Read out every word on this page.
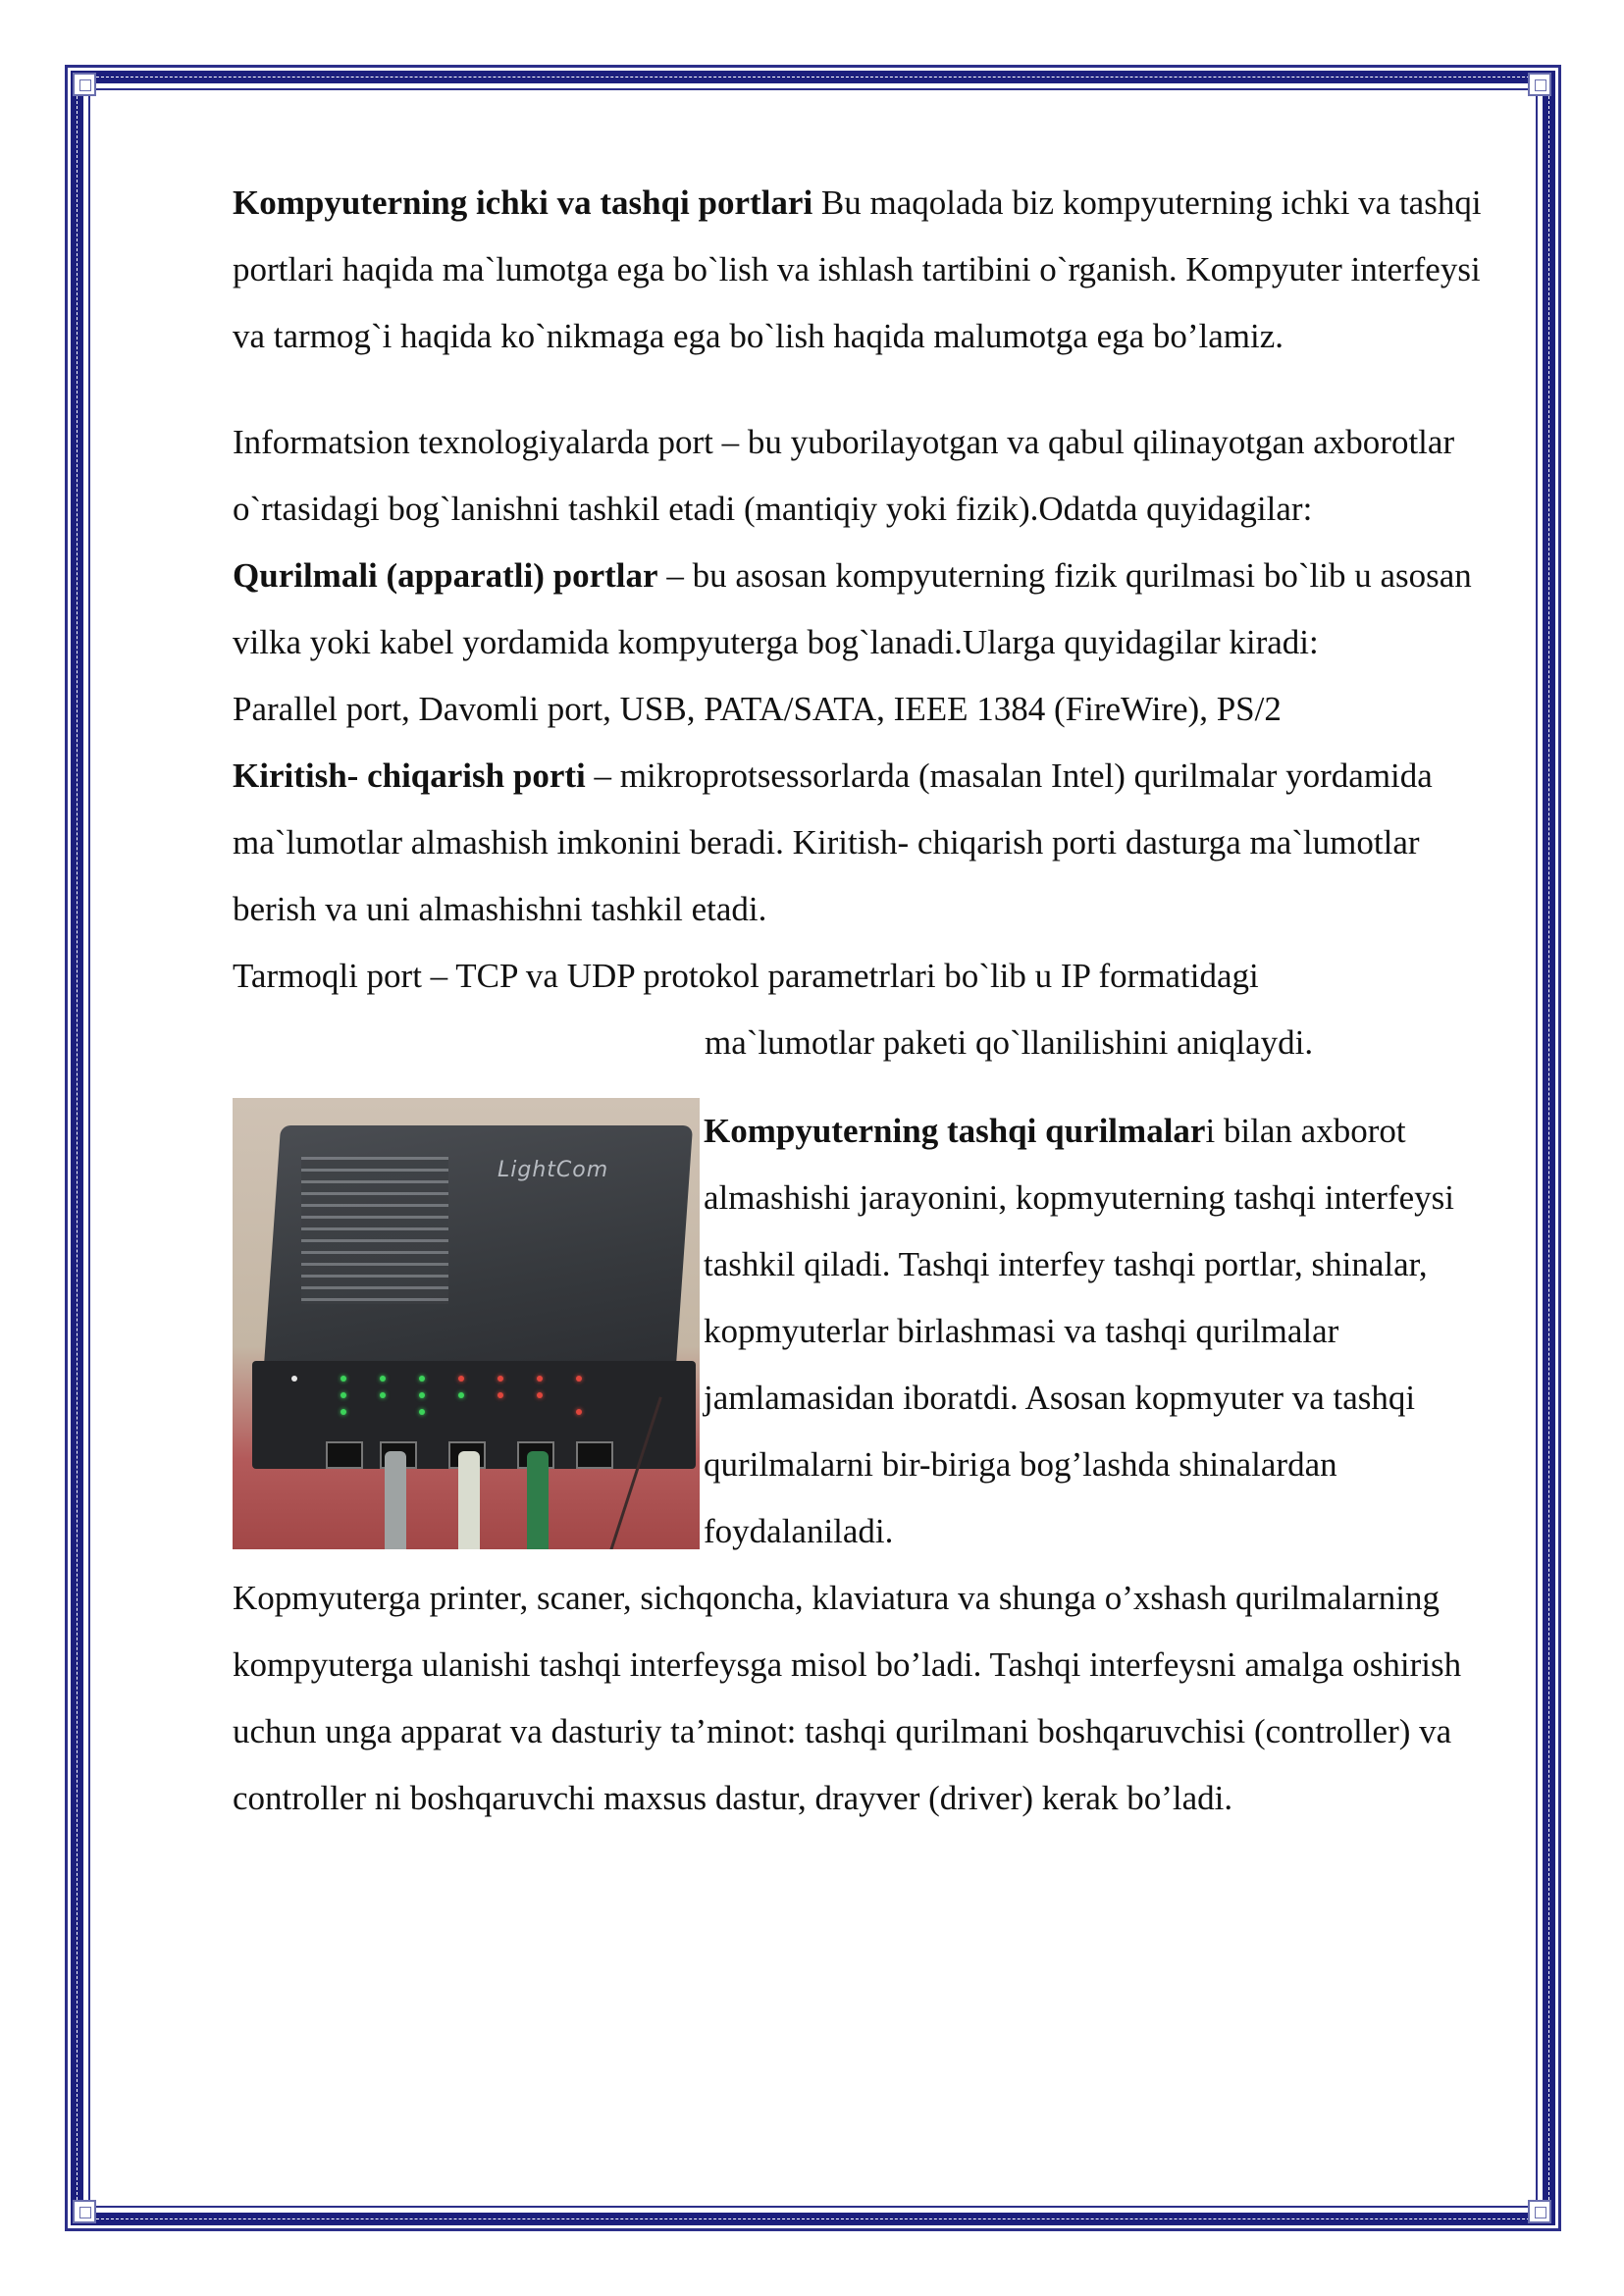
Kompyuterning ichki va tashqi portlari Bu maqolada biz kompyuterning ichki va tashqi portlari haqida ma`lumotga ega bo`lish va ishlash tartibini o`rganish. Kompyuter interfeysi va tarmog`i haqida ko`nikmaga ega bo`lish haqida malumotga ega bo’lamiz.

Informatsion texnologiyalarda port – bu yuborilayotgan va qabul qilinayotgan axborotlar o`rtasidagi bog`lanishni tashkil etadi (mantiqiy yoki fizik).Odatda quyidagilar:

Qurilmali (apparatli) portlar – bu asosan kompyuterning fizik qurilmasi bo`lib u asosan vilka yoki kabel yordamida kompyuterga bog`lanadi.Ularga quyidagilar kiradi:

Parallel port, Davomli port, USB, PATA/SATA, IEEE 1384 (FireWire), PS/2

Kiritish- chiqarish porti – mikroprotsessorlarda (masalan Intel) qurilmalar yordamida ma`lumotlar almashish imkonini beradi. Kiritish- chiqarish porti dasturga ma`lumotlar berish va uni almashishni tashkil etadi.

Tarmoqli port – TCP va UDP protokol parametrlari bo`lib u IP formatidagi

ma`lumotlar paketi qo`llanilishini aniqlaydi.

LightCom

Kompyuterning tashqi qurilmalari bilan axborot almashishi jarayonini, kopmyuterning tashqi interfeysi tashkil qiladi. Tashqi interfey tashqi portlar, shinalar, kopmyuterlar birlashmasi va tashqi qurilmalar jamlamasidan iboratdi. Asosan kopmyuter va tashqi qurilmalarni bir-biriga bog’lashda shinalardan foydalaniladi.

Kopmyuterga printer, scaner, sichqoncha, klaviatura va shunga o’xshash qurilmalarning kompyuterga ulanishi tashqi interfeysga misol bo’ladi. Tashqi interfeysni amalga oshirish uchun unga apparat va dasturiy ta’minot: tashqi qurilmani boshqaruvchisi (controller) va controller ni boshqaruvchi maxsus dastur, drayver (driver) kerak bo’ladi.
